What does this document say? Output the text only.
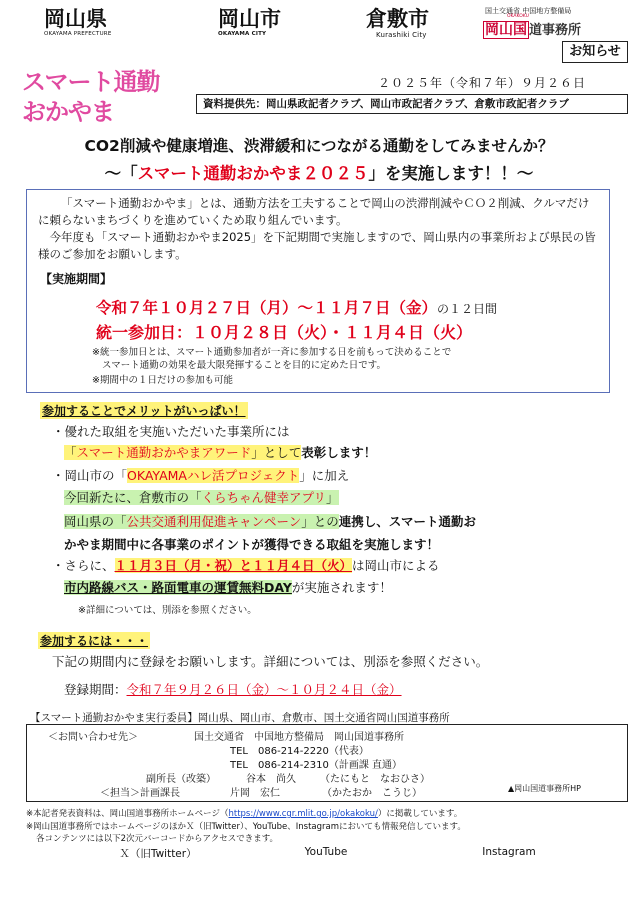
岡山県
OKAYAMA PREFECTURE
岡山市
OKAYAMA CITY
倉敷市
Kurashiki City
国土交通省 中国地方整備局
OKAKOKU
岡山国 道事務所
お知らせ
スマート通勤
おかやま	2025
２０２５年（令和７年）９月２６日
資料提供先：岡山県政記者クラブ、岡山市政記者クラブ、倉敷市政記者クラブ
CO2削減や健康増進、渋滞緩和につながる通勤をしてみませんか？
～「スマート通勤おかやま２０２５」を実施します！！～
「スマート通勤おかやま」とは、通勤方法を工夫することで岡山の渋滞削減やＣＯ２削減、クルマだけに頼らないまちづくりを進めていくため取り組んでいます。
今年度も「スマート通勤おかやま2025」を下記期間で実施しますので、岡山県内の事業所および県民の皆様のご参加をお願いします。
【実施期間】
令和７年１０月２７日（月）～１１月７日（金）の１２日間
統一参加日：１０月２８日（火）・１１月４日（火）
※統一参加日とは、スマート通勤参加者が一斉に参加する日を前もって決めることで
スマート通勤の効果を最大限発揮することを目的に定めた日です。
※期間中の１日だけの参加も可能
参加することでメリットがいっぱい！
・優れた取組を実施いただいた事業所には
「スマート通勤おかやまアワード」として表彰します！
・岡山市の「OKAYAMAハレ活プロジェクト」に加え
今回新たに、倉敷市の「くらちゃん健幸アプリ」
岡山県の「公共交通利用促進キャンペーン」との連携し、スマート通勤お
かやま期間中に各事業のポイントが獲得できる取組を実施します！
・さらに、１１月３日（月・祝）と１１月４日（火）は岡山市による
市内路線バス・路面電車の運賃無料DAYが実施されます！
※詳細については、別添を参照ください。
参加するには・・・
下記の期間内に登録をお願いします。詳細については、別添を参照ください。
登録期間：令和７年９月２６日（金）～１０月２４日（金）
【スマート通勤おかやま実行委員】岡山県、岡山市、倉敷市、国土交通省岡山国道事務所
＜お問い合わせ先＞	国土交通省　中国地方整備局　岡山国道事務所
TEL　086-214-2220（代表）
TEL　086-214-2310（計画課 直通）
副所長（改築）	谷本　尚久 （たにもと　なおひさ）
＜担当＞計画課長	片岡　宏仁	（かたおか　こうじ）	▲岡山国道事務所HP
※本記者発表資料は、岡山国道事務所ホームページ（https://www.cgr.mlit.go.jp/okakoku/）に掲載しています。
※岡山国道事務所ではホームページのほかＸ（旧Twitter）、YouTube、Instagramにおいても情報発信しています。
各コンテンツには以下2次元バーコードからアクセスできます。
Ｘ（旧Twitter）	YouTube	Instagram
